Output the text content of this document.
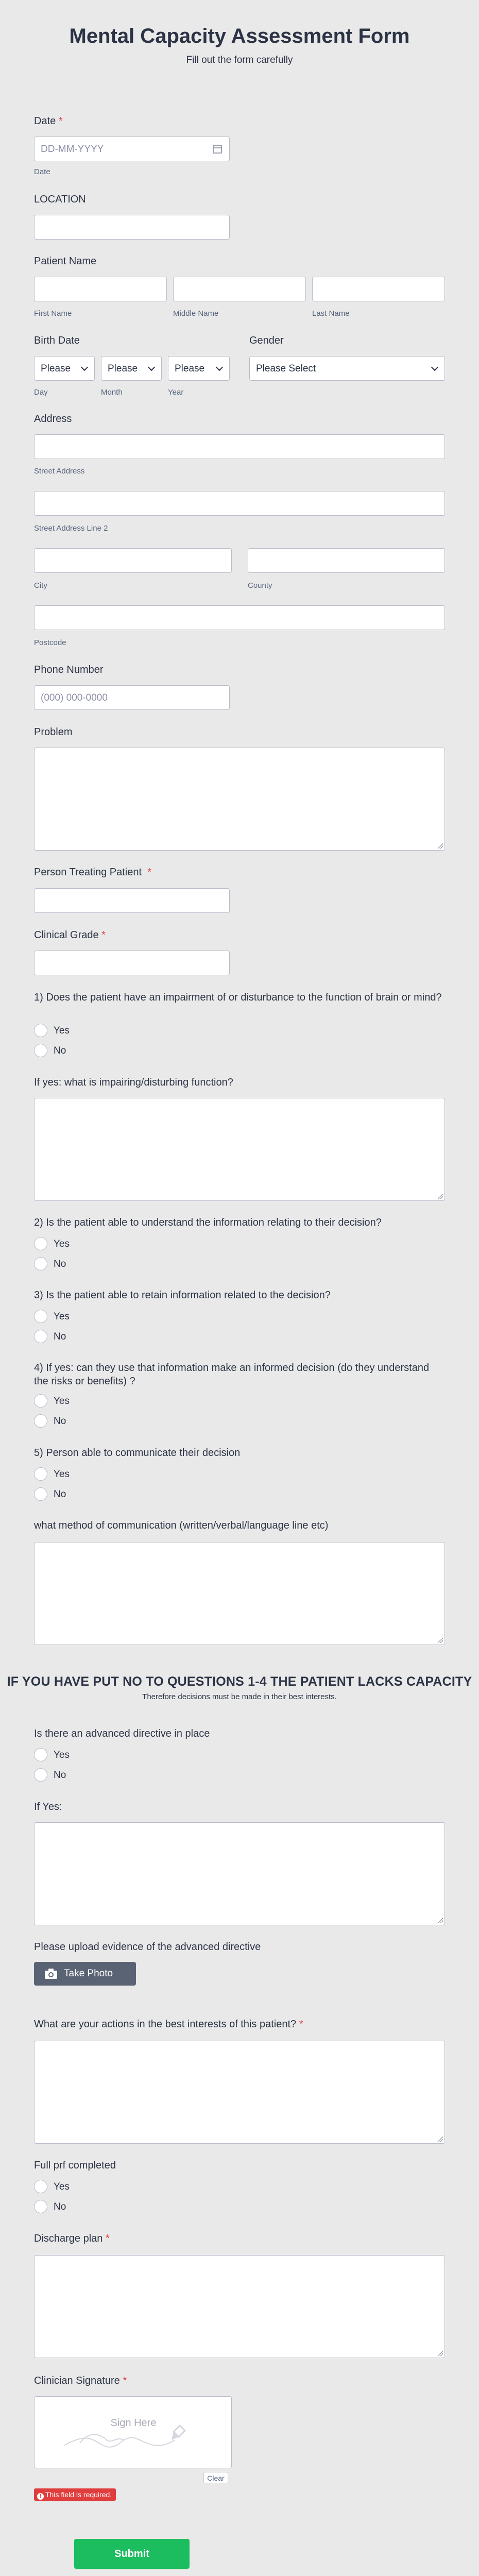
Mental Capacity Assessment Form
Fill out the form carefully
Date *
DD-MM-YYYY
Date
LOCATION
Patient Name
First Name	Middle Name	Last Name
Birth Date	Gender
Please	Please	Please	Please Select
Day	Month	Year
Address
Street Address
Street Address Line 2
City	County
Postcode
Phone Number
(000) 000-0000
Problem
Person Treating Patient *
Clinical Grade *
1) Does the patient have an impairment of or disturbance to the function of brain or mind?
Yes
No
If yes: what is impairing/disturbing function?
2) Is the patient able to understand the information relating to their decision?
Yes
No
3) Is the patient able to retain information related to the decision?
Yes
No
4) If yes: can they use that information make an informed decision (do they understand the risks or benefits) ?
Yes
No
5) Person able to communicate their decision
Yes
No
what method of communication (written/verbal/language line etc)
IF YOU HAVE PUT NO TO QUESTIONS 1-4 THE PATIENT LACKS CAPACITY
Therefore decisions must be made in their best interests.
Is there an advanced directive in place
Yes
No
If Yes:
Please upload evidence of the advanced directive
Take Photo
What are your actions in the best interests of this patient? *
Full prf completed
Yes
No
Discharge plan *
Clinician Signature *
Sign Here
Clear
! This field is required.
Submit
